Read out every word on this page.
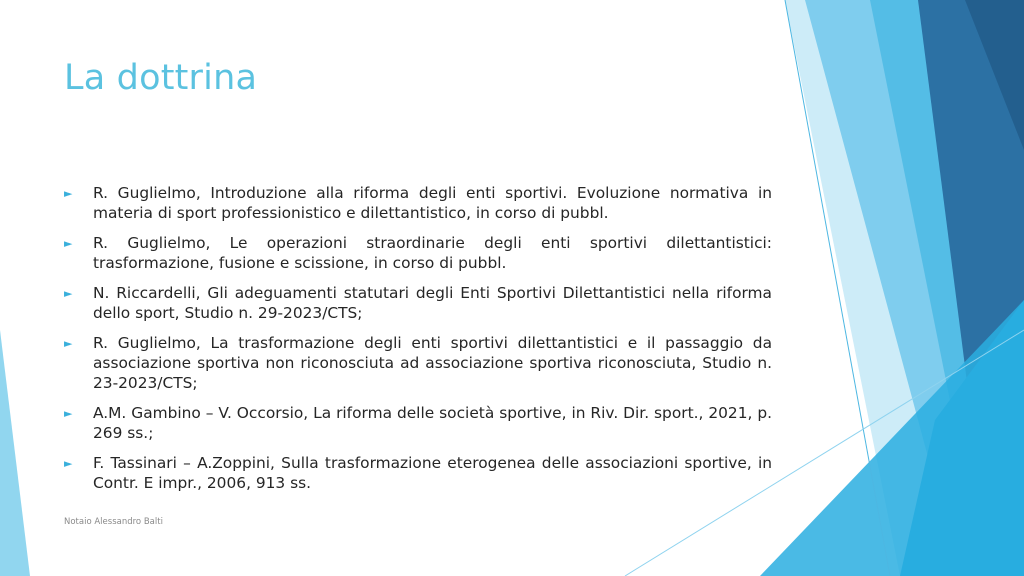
La dottrina
► R. Guglielmo, Introduzione alla riforma degli enti sportivi. Evoluzione normativa in materia di sport professionistico e dilettantistico, in corso di pubbl.
► R. Guglielmo, Le operazioni straordinarie degli enti sportivi dilettantistici: trasformazione, fusione e scissione, in corso di pubbl.
► N. Riccardelli, Gli adeguamenti statutari degli Enti Sportivi Dilettantistici nella riforma dello sport, Studio n. 29-2023/CTS;
► R. Guglielmo, La trasformazione degli enti sportivi dilettantistici e il passaggio da associazione sportiva non riconosciuta ad associazione sportiva riconosciuta, Studio n. 23-2023/CTS;
► A.M. Gambino – V. Occorsio, La riforma delle società sportive, in Riv. Dir. sport., 2021, p. 269 ss.;
► F. Tassinari – A.Zoppini, Sulla trasformazione eterogenea delle associazioni sportive, in Contr. E impr., 2006, 913 ss.
Notaio Alessandro Balti
